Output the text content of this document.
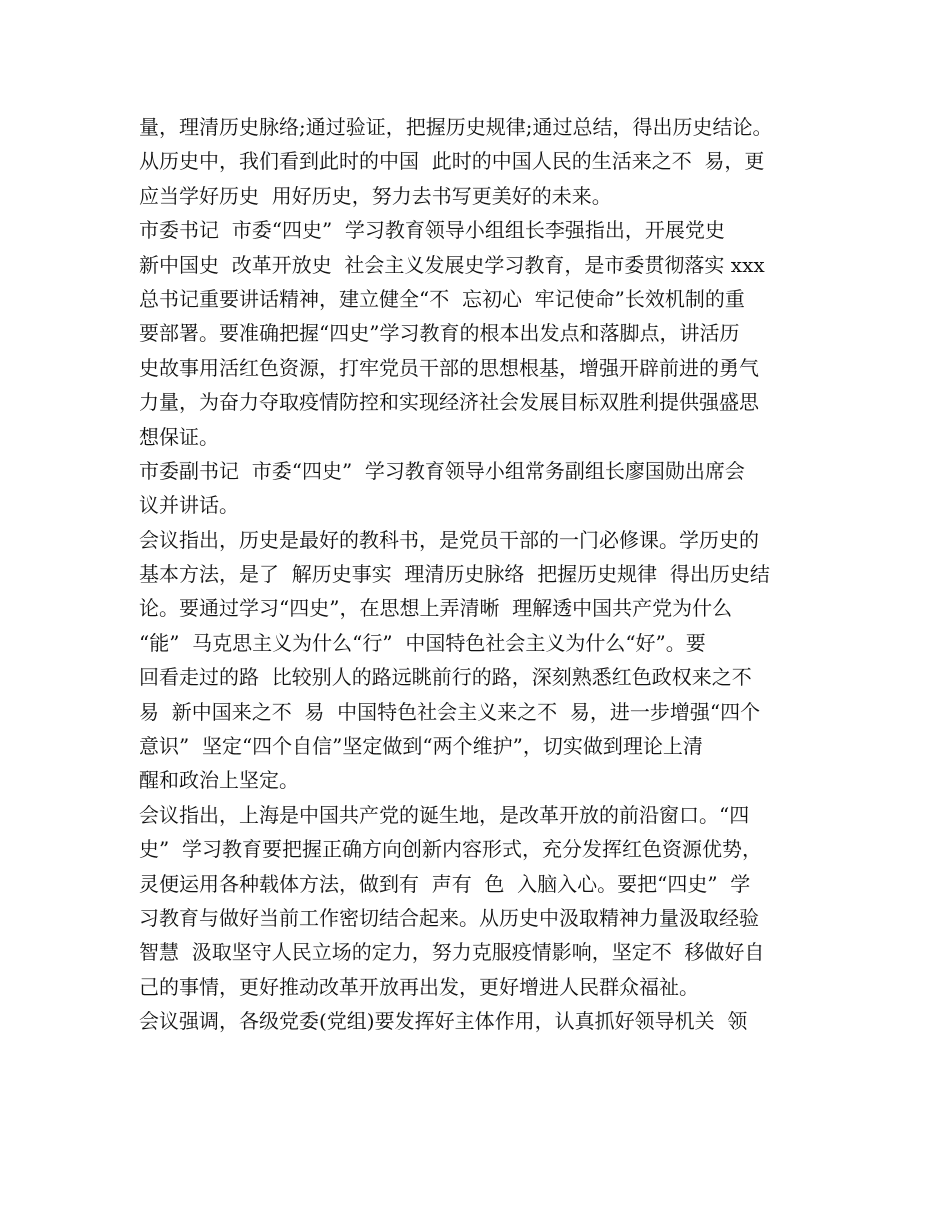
量，理清历史脉络;通过验证，把握历史规律;通过总结，得出历史结论。
从历史中，我们看到此时的中国  此时的中国人民的生活来之不  易，更
应当学好历史  用好历史，努力去书写更美好的未来。
市委书记  市委“四史”  学习教育领导小组组长李强指出，开展党史
新中国史  改革开放史  社会主义发展史学习教育，是市委贯彻落实 xxx
总书记重要讲话精神，建立健全“不  忘初心  牢记使命”长效机制的重
要部署。要准确把握“四史”学习教育的根本出发点和落脚点，讲活历
史故事用活红色资源，打牢党员干部的思想根基，增强开辟前进的勇气
力量，为奋力夺取疫情防控和实现经济社会发展目标双胜利提供强盛思
想保证。
市委副书记  市委“四史”  学习教育领导小组常务副组长廖国勋出席会
议并讲话。
会议指出，历史是最好的教科书，是党员干部的一门必修课。学历史的
基本方法，是了  解历史事实  理清历史脉络  把握历史规律  得出历史结
论。要通过学习“四史”，在思想上弄清晰  理解透中国共产党为什么
“能”  马克思主义为什么“行”  中国特色社会主义为什么“好”。要
回看走过的路  比较别人的路远眺前行的路，深刻熟悉红色政权来之不
易  新中国来之不  易  中国特色社会主义来之不  易，进一步增强“四个
意识”  坚定“四个自信”坚定做到“两个维护”，切实做到理论上清
醒和政治上坚定。
会议指出，上海是中国共产党的诞生地，是改革开放的前沿窗口。“四
史”  学习教育要把握正确方向创新内容形式，充分发挥红色资源优势，
灵便运用各种载体方法，做到有  声有  色  入脑入心。要把“四史”  学
习教育与做好当前工作密切结合起来。从历史中汲取精神力量汲取经验
智慧  汲取坚守人民立场的定力，努力克服疫情影响，坚定不  移做好自
己的事情，更好推动改革开放再出发，更好增进人民群众福祉。
会议强调，各级党委(党组)要发挥好主体作用，认真抓好领导机关  领
